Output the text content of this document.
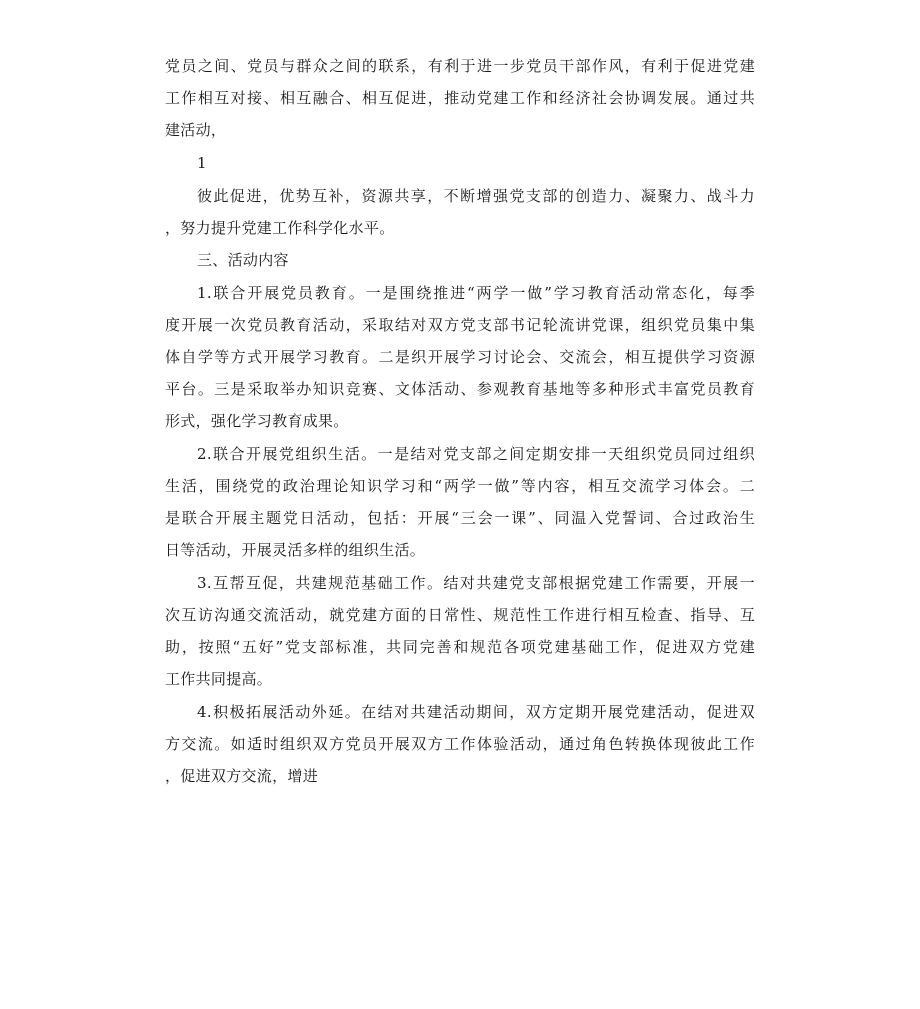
党员之间、党员与群众之间的联系，有利于进一步党员干部作风，有利于促进党建
工作相互对接、相互融合、相互促进，推动党建工作和经济社会协调发展。通过共
建活动，
1
彼此促进，优势互补，资源共享，不断增强党支部的创造力、凝聚力、战斗力
，努力提升党建工作科学化水平。
三、活动内容
1.联合开展党员教育。一是围绕推进“两学一做”学习教育活动常态化，每季
度开展一次党员教育活动，采取结对双方党支部书记轮流讲党课，组织党员集中集
体自学等方式开展学习教育。二是织开展学习讨论会、交流会，相互提供学习资源
平台。三是采取举办知识竞赛、文体活动、参观教育基地等多种形式丰富党员教育
形式，强化学习教育成果。
2.联合开展党组织生活。一是结对党支部之间定期安排一天组织党员同过组织
生活，围绕党的政治理论知识学习和“两学一做”等内容，相互交流学习体会。二
是联合开展主题党日活动，包括：开展“三会一课”、同温入党誓词、合过政治生
日等活动，开展灵活多样的组织生活。
3.互帮互促，共建规范基础工作。结对共建党支部根据党建工作需要，开展一
次互访沟通交流活动，就党建方面的日常性、规范性工作进行相互检查、指导、互
助，按照“五好”党支部标准，共同完善和规范各项党建基础工作，促进双方党建
工作共同提高。
4.积极拓展活动外延。在结对共建活动期间，双方定期开展党建活动，促进双
方交流。如适时组织双方党员开展双方工作体验活动，通过角色转换体现彼此工作
，促进双方交流，增进
